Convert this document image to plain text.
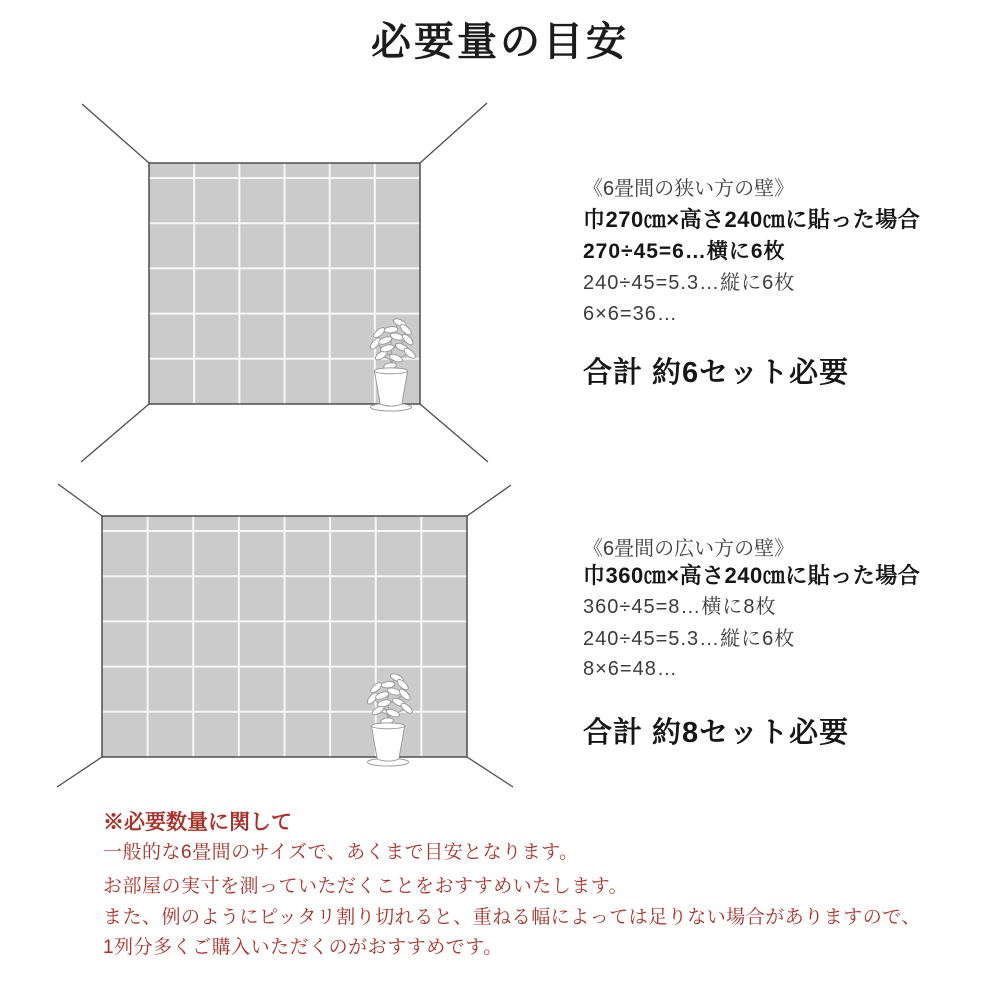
必要量の目安
《6畳間の狭い方の壁》
巾270㎝×高さ240㎝に貼った場合
270÷45=6…横に6枚
240÷45=5.3…縦に6枚
6×6=36…
合計 約6セット必要
《6畳間の広い方の壁》
巾360㎝×高さ240㎝に貼った場合
360÷45=8…横に8枚
240÷45=5.3…縦に6枚
8×6=48…
合計 約8セット必要
※必要数量に関して
一般的な6畳間のサイズで、あくまで目安となります。
お部屋の実寸を測っていただくことをおすすめいたします。
また、例のようにピッタリ割り切れると、重ねる幅によっては足りない場合がありますので、
1列分多くご購入いただくのがおすすめです。
